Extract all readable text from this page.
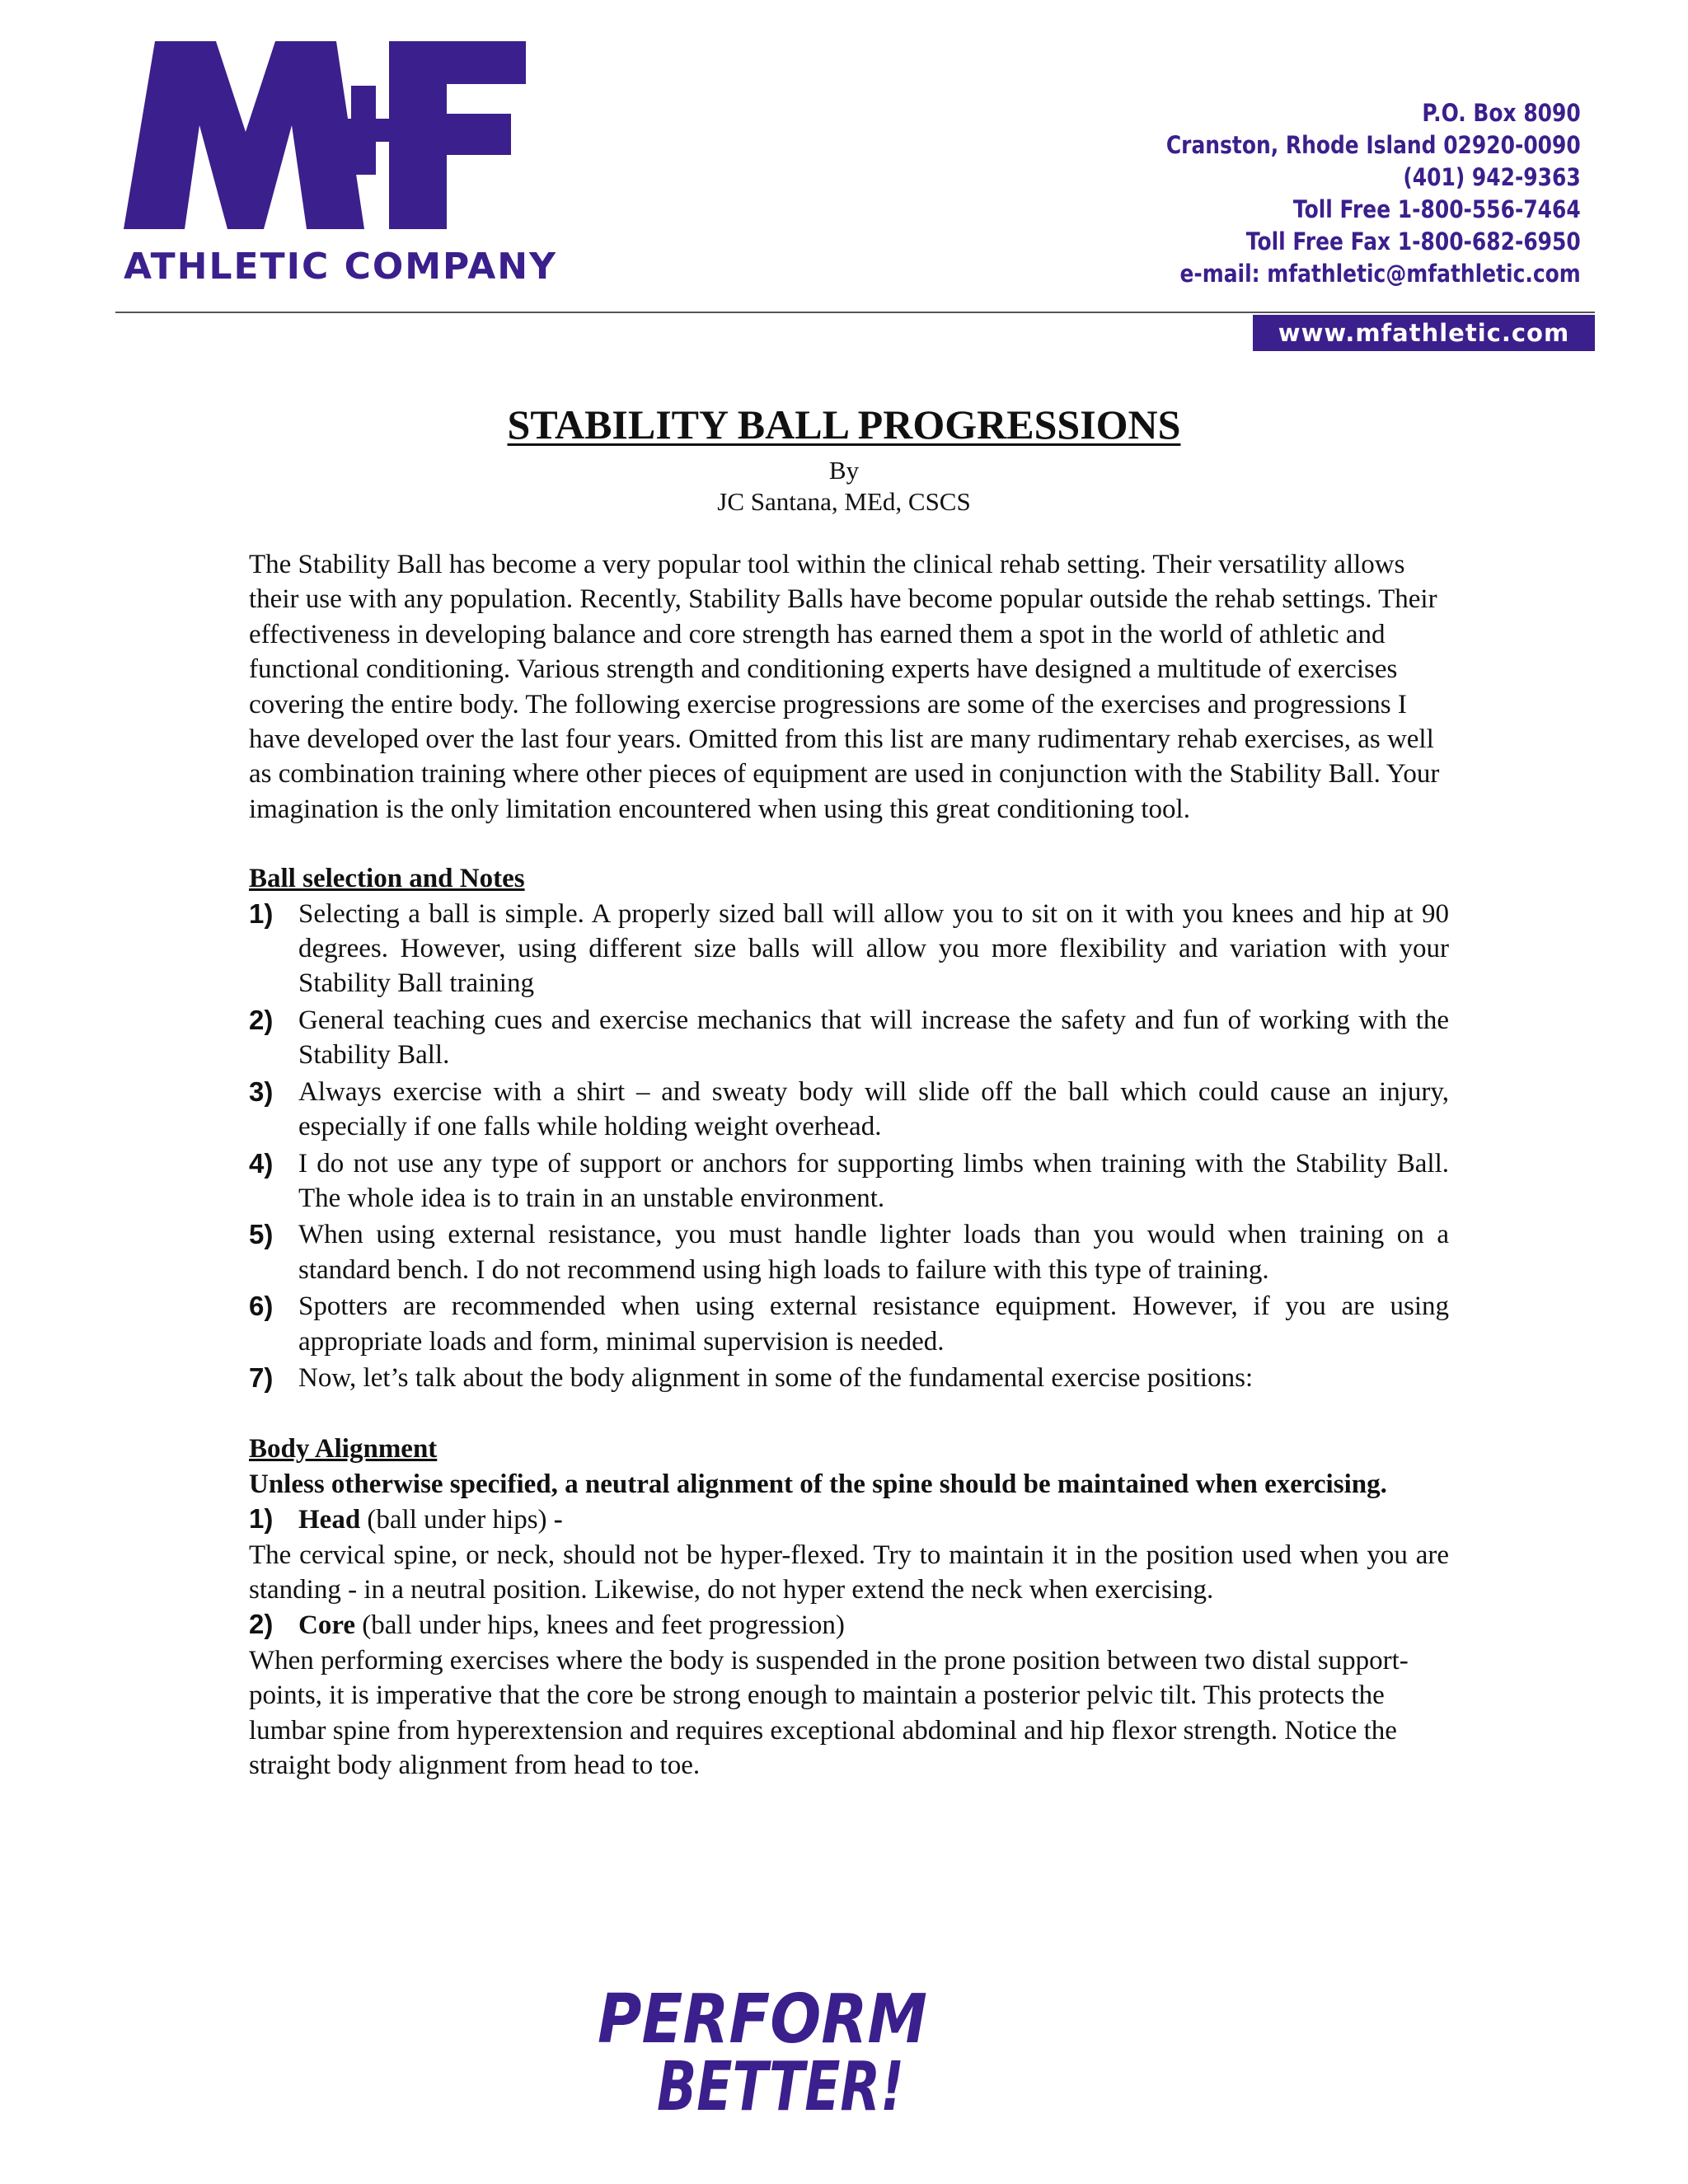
ATHLETIC COMPANY
P.O. Box 8090
Cranston, Rhode Island 02920-0090
(401) 942-9363
Toll Free 1-800-556-7464
Toll Free Fax 1-800-682-6950
e-mail: mfathletic@mfathletic.com
www.mfathletic.com
STABILITY BALL PROGRESSIONS
By
JC Santana, MEd, CSCS

The Stability Ball has become a very popular tool within the clinical rehab setting. Their versatility allows their use with any population. Recently, Stability Balls have become popular outside the rehab settings. Their effectiveness in developing balance and core strength has earned them a spot in the world of athletic and functional conditioning. Various strength and conditioning experts have designed a multitude of exercises covering the entire body. The following exercise progressions are some of the exercises and progressions I have developed over the last four years. Omitted from this list are many rudimentary rehab exercises, as well as combination training where other pieces of equipment are used in conjunction with the Stability Ball. Your imagination is the only limitation encountered when using this great conditioning tool.

Ball selection and Notes

1) Selecting a ball is simple. A properly sized ball will allow you to sit on it with you knees and hip at 90 degrees. However, using different size balls will allow you more flexibility and variation with your Stability Ball training
2) General teaching cues and exercise mechanics that will increase the safety and fun of working with the Stability Ball.
3) Always exercise with a shirt – and sweaty body will slide off the ball which could cause an injury, especially if one falls while holding weight overhead.
4) I do not use any type of support or anchors for supporting limbs when training with the Stability Ball. The whole idea is to train in an unstable environment.
5) When using external resistance, you must handle lighter loads than you would when training on a standard bench. I do not recommend using high loads to failure with this type of training.
6) Spotters are recommended when using external resistance equipment. However, if you are using appropriate loads and form, minimal supervision is needed.
7) Now, let’s talk about the body alignment in some of the fundamental exercise positions:

Body Alignment

Unless otherwise specified, a neutral alignment of the spine should be maintained when exercising.

1) Head (ball under hips) -

The cervical spine, or neck, should not be hyper-flexed. Try to maintain it in the position used when you are standing - in a neutral position. Likewise, do not hyper extend the neck when exercising.

2) Core (ball under hips, knees and feet progression)

When performing exercises where the body is suspended in the prone position between two distal support-points, it is imperative that the core be strong enough to maintain a posterior pelvic tilt. This protects the lumbar spine from hyperextension and requires exceptional abdominal and hip flexor strength. Notice the straight body alignment from head to toe.

PERFORM
BETTER!
